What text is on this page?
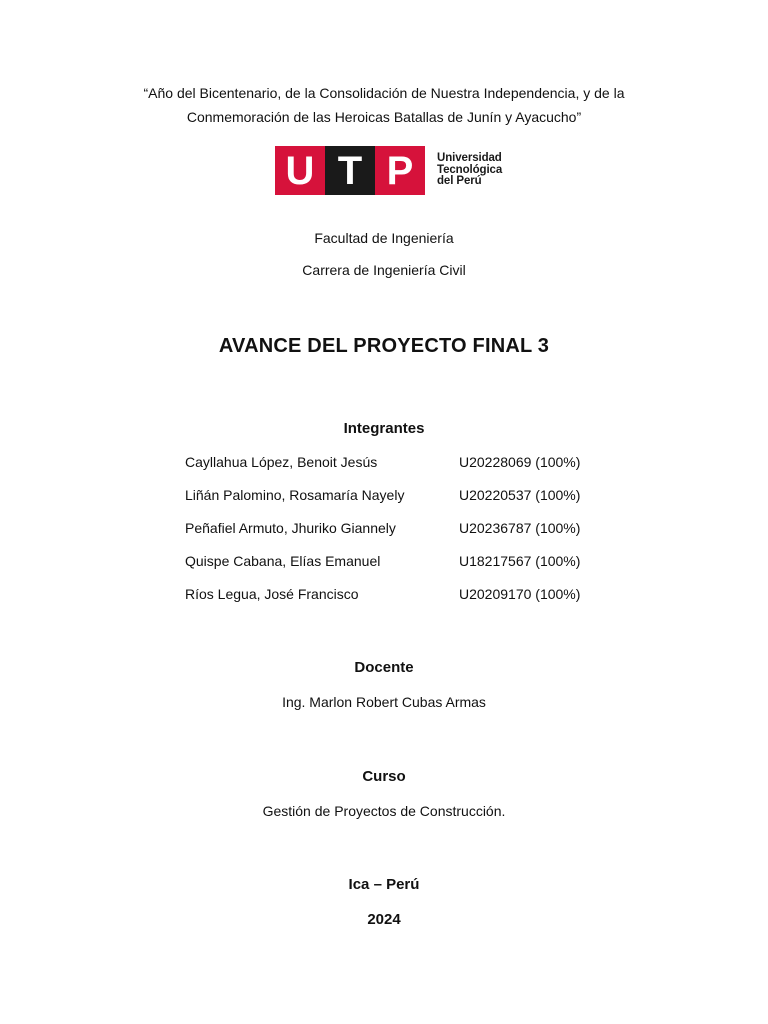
“Año del Bicentenario, de la Consolidación de Nuestra Independencia, y de la
Conmemoración de las Heroicas Batallas de Junín y Ayacucho”
U T P	Universidad
Tecnológica
del Perú
Facultad de Ingeniería
Carrera de Ingeniería Civil
AVANCE DEL PROYECTO FINAL 3
Integrantes
Cayllahua López, Benoit Jesús	U20228069 (100%)
Liñán Palomino, Rosamaría Nayely	U20220537 (100%)
Peñafiel Armuto, Jhuriko Giannely	U20236787 (100%)
Quispe Cabana, Elías Emanuel	U18217567 (100%)
Ríos Legua, José Francisco	U20209170 (100%)
Docente
Ing. Marlon Robert Cubas Armas
Curso
Gestión de Proyectos de Construcción.
Ica – Perú
2024
